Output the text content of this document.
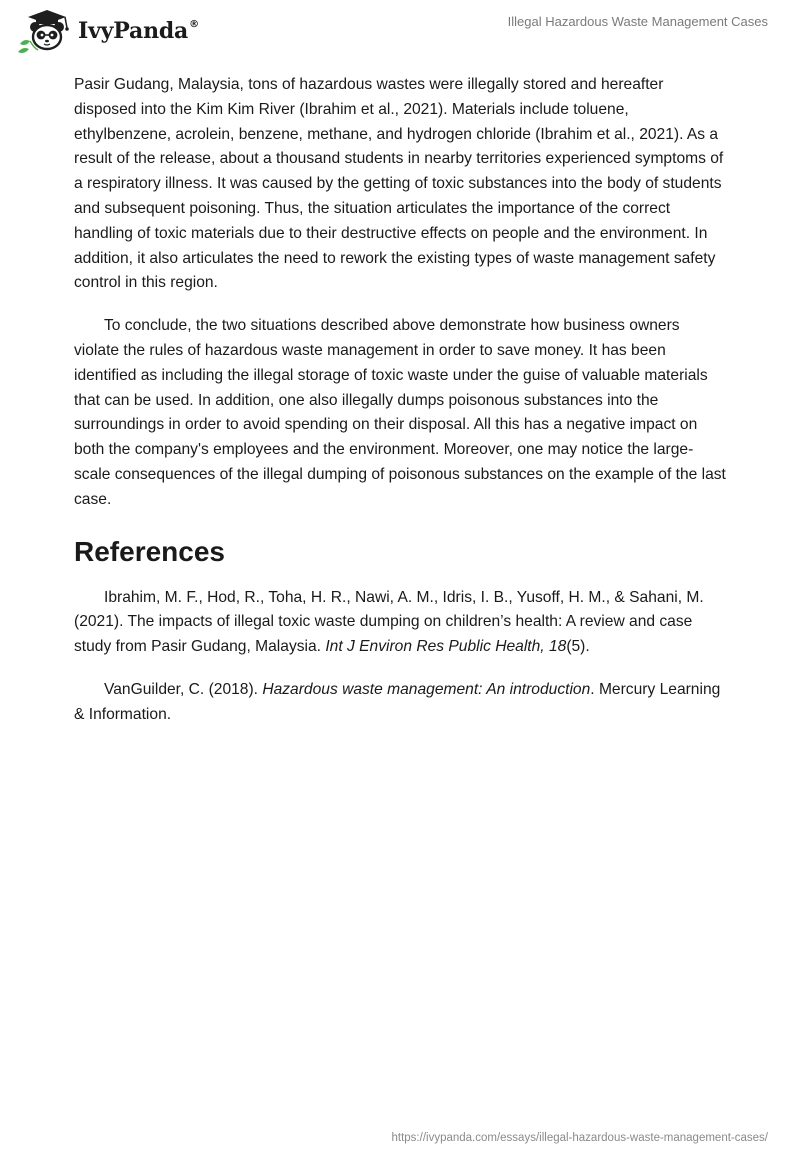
IvyPanda®	Illegal Hazardous Waste Management Cases

Pasir Gudang, Malaysia, tons of hazardous wastes were illegally stored and hereafter disposed into the Kim Kim River (Ibrahim et al., 2021). Materials include toluene, ethylbenzene, acrolein, benzene, methane, and hydrogen chloride (Ibrahim et al., 2021). As a result of the release, about a thousand students in nearby territories experienced symptoms of a respiratory illness. It was caused by the getting of toxic substances into the body of students and subsequent poisoning. Thus, the situation articulates the importance of the correct handling of toxic materials due to their destructive effects on people and the environment. In addition, it also articulates the need to rework the existing types of waste management safety control in this region.

To conclude, the two situations described above demonstrate how business owners violate the rules of hazardous waste management in order to save money. It has been identified as including the illegal storage of toxic waste under the guise of valuable materials that can be used. In addition, one also illegally dumps poisonous substances into the surroundings in order to avoid spending on their disposal. All this has a negative impact on both the company's employees and the environment. Moreover, one may notice the large-scale consequences of the illegal dumping of poisonous substances on the example of the last case.

References

Ibrahim, M. F., Hod, R., Toha, H. R., Nawi, A. M., Idris, I. B., Yusoff, H. M., & Sahani, M. (2021). The impacts of illegal toxic waste dumping on children’s health: A review and case study from Pasir Gudang, Malaysia. Int J Environ Res Public Health, 18(5).

VanGuilder, C. (2018). Hazardous waste management: An introduction. Mercury Learning & Information.

https://ivypanda.com/essays/illegal-hazardous-waste-management-cases/
